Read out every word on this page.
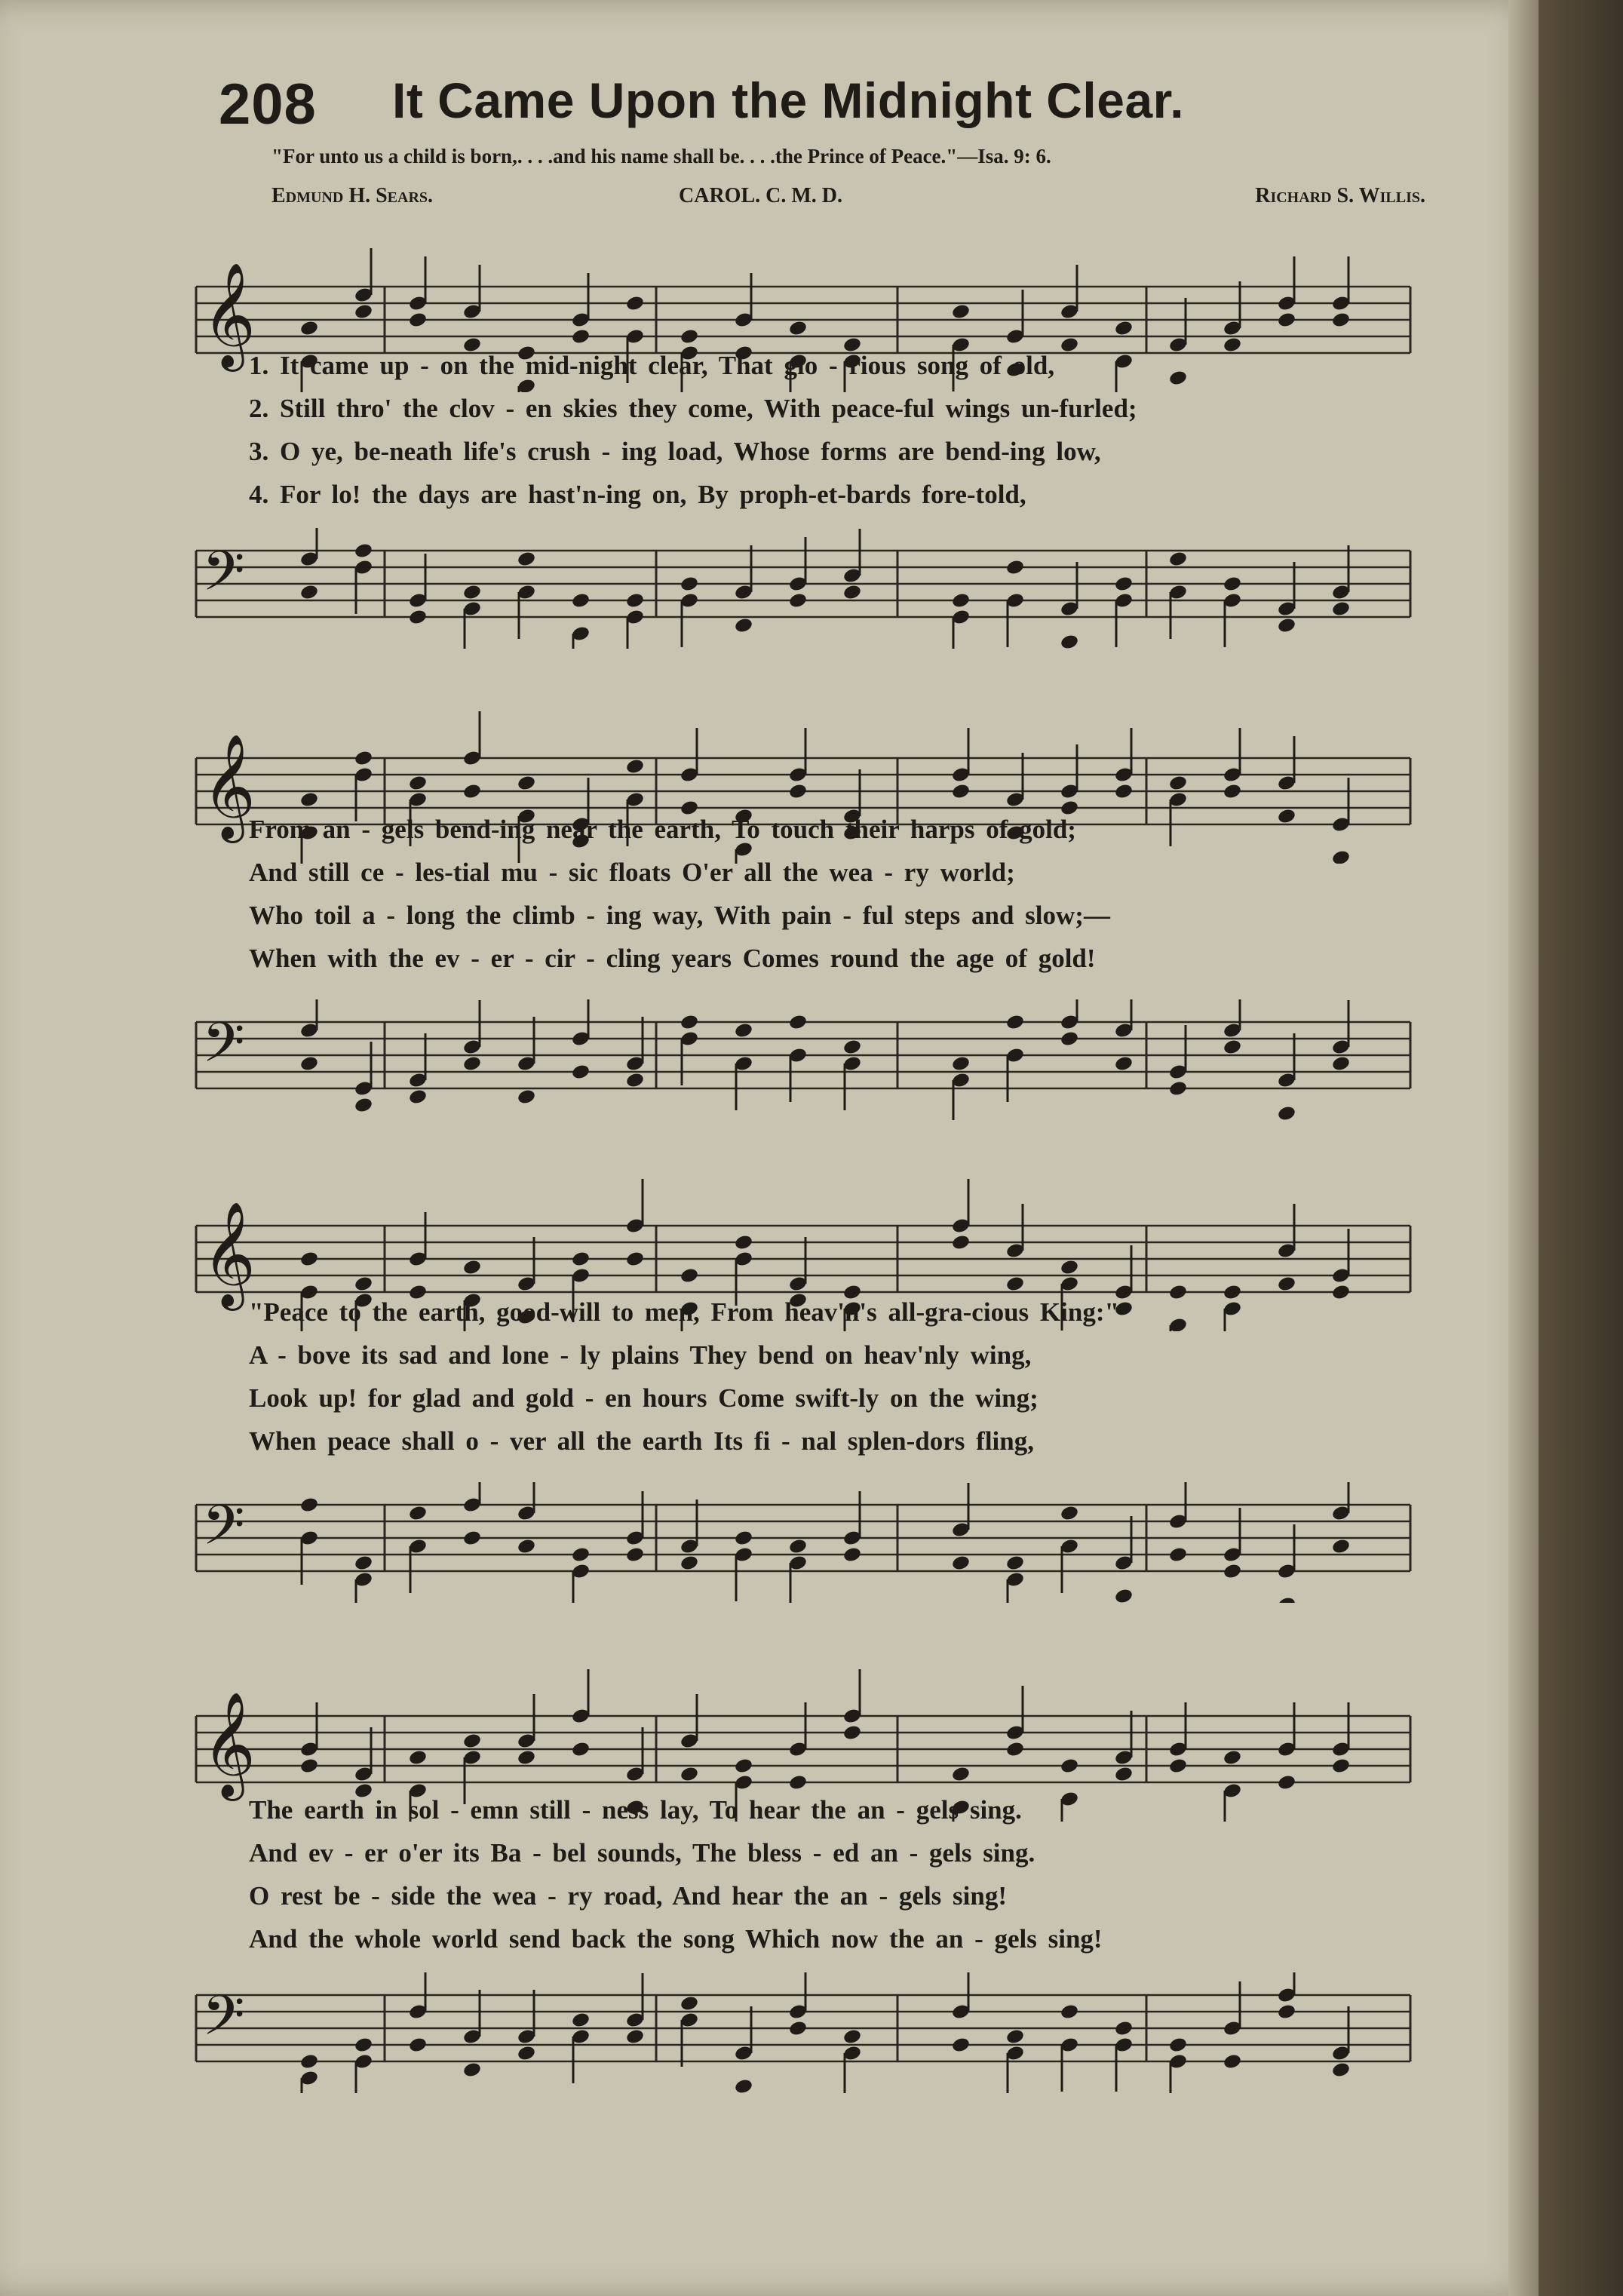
208 It Came Upon the Midnight Clear.
"For unto us a child is born,. . . .and his name shall be. . . .the Prince of Peace."—Isa. 9: 6.
Edmund H. Sears.	CAROL. C. M. D.	Richard S. Willis.
𝄞
1. It came up - on the mid-night clear, That glo - rious song of old,
2. Still thro' the clov - en skies they come, With peace-ful wings un-furled;
3. O ye, be-neath life's crush - ing load, Whose forms are bend-ing low,
4. For lo! the days are hast'n-ing on, By proph-et-bards fore-told,
𝄢
𝄞
From an - gels bend-ing near the earth, To touch their harps of gold;
And still ce - les-tial mu - sic floats O'er all the wea - ry world;
Who toil a - long the climb - ing way, With pain - ful steps and slow;—
When with the ev - er - cir - cling years Comes round the age of gold!
𝄢
𝄞
"Peace to the earth, good-will to men, From heav'n's all-gra-cious King:"
A - bove its sad and lone - ly plains They bend on heav'nly wing,
Look up! for glad and gold - en hours Come swift-ly on the wing;
When peace shall o - ver all the earth Its fi - nal splen-dors fling,
𝄢
𝄞
The earth in sol - emn still - ness lay, To hear the an - gels sing.
And ev - er o'er its Ba - bel sounds, The bless - ed an - gels sing.
O rest be - side the wea - ry road, And hear the an - gels sing!
And the whole world send back the song Which now the an - gels sing!
𝄢
